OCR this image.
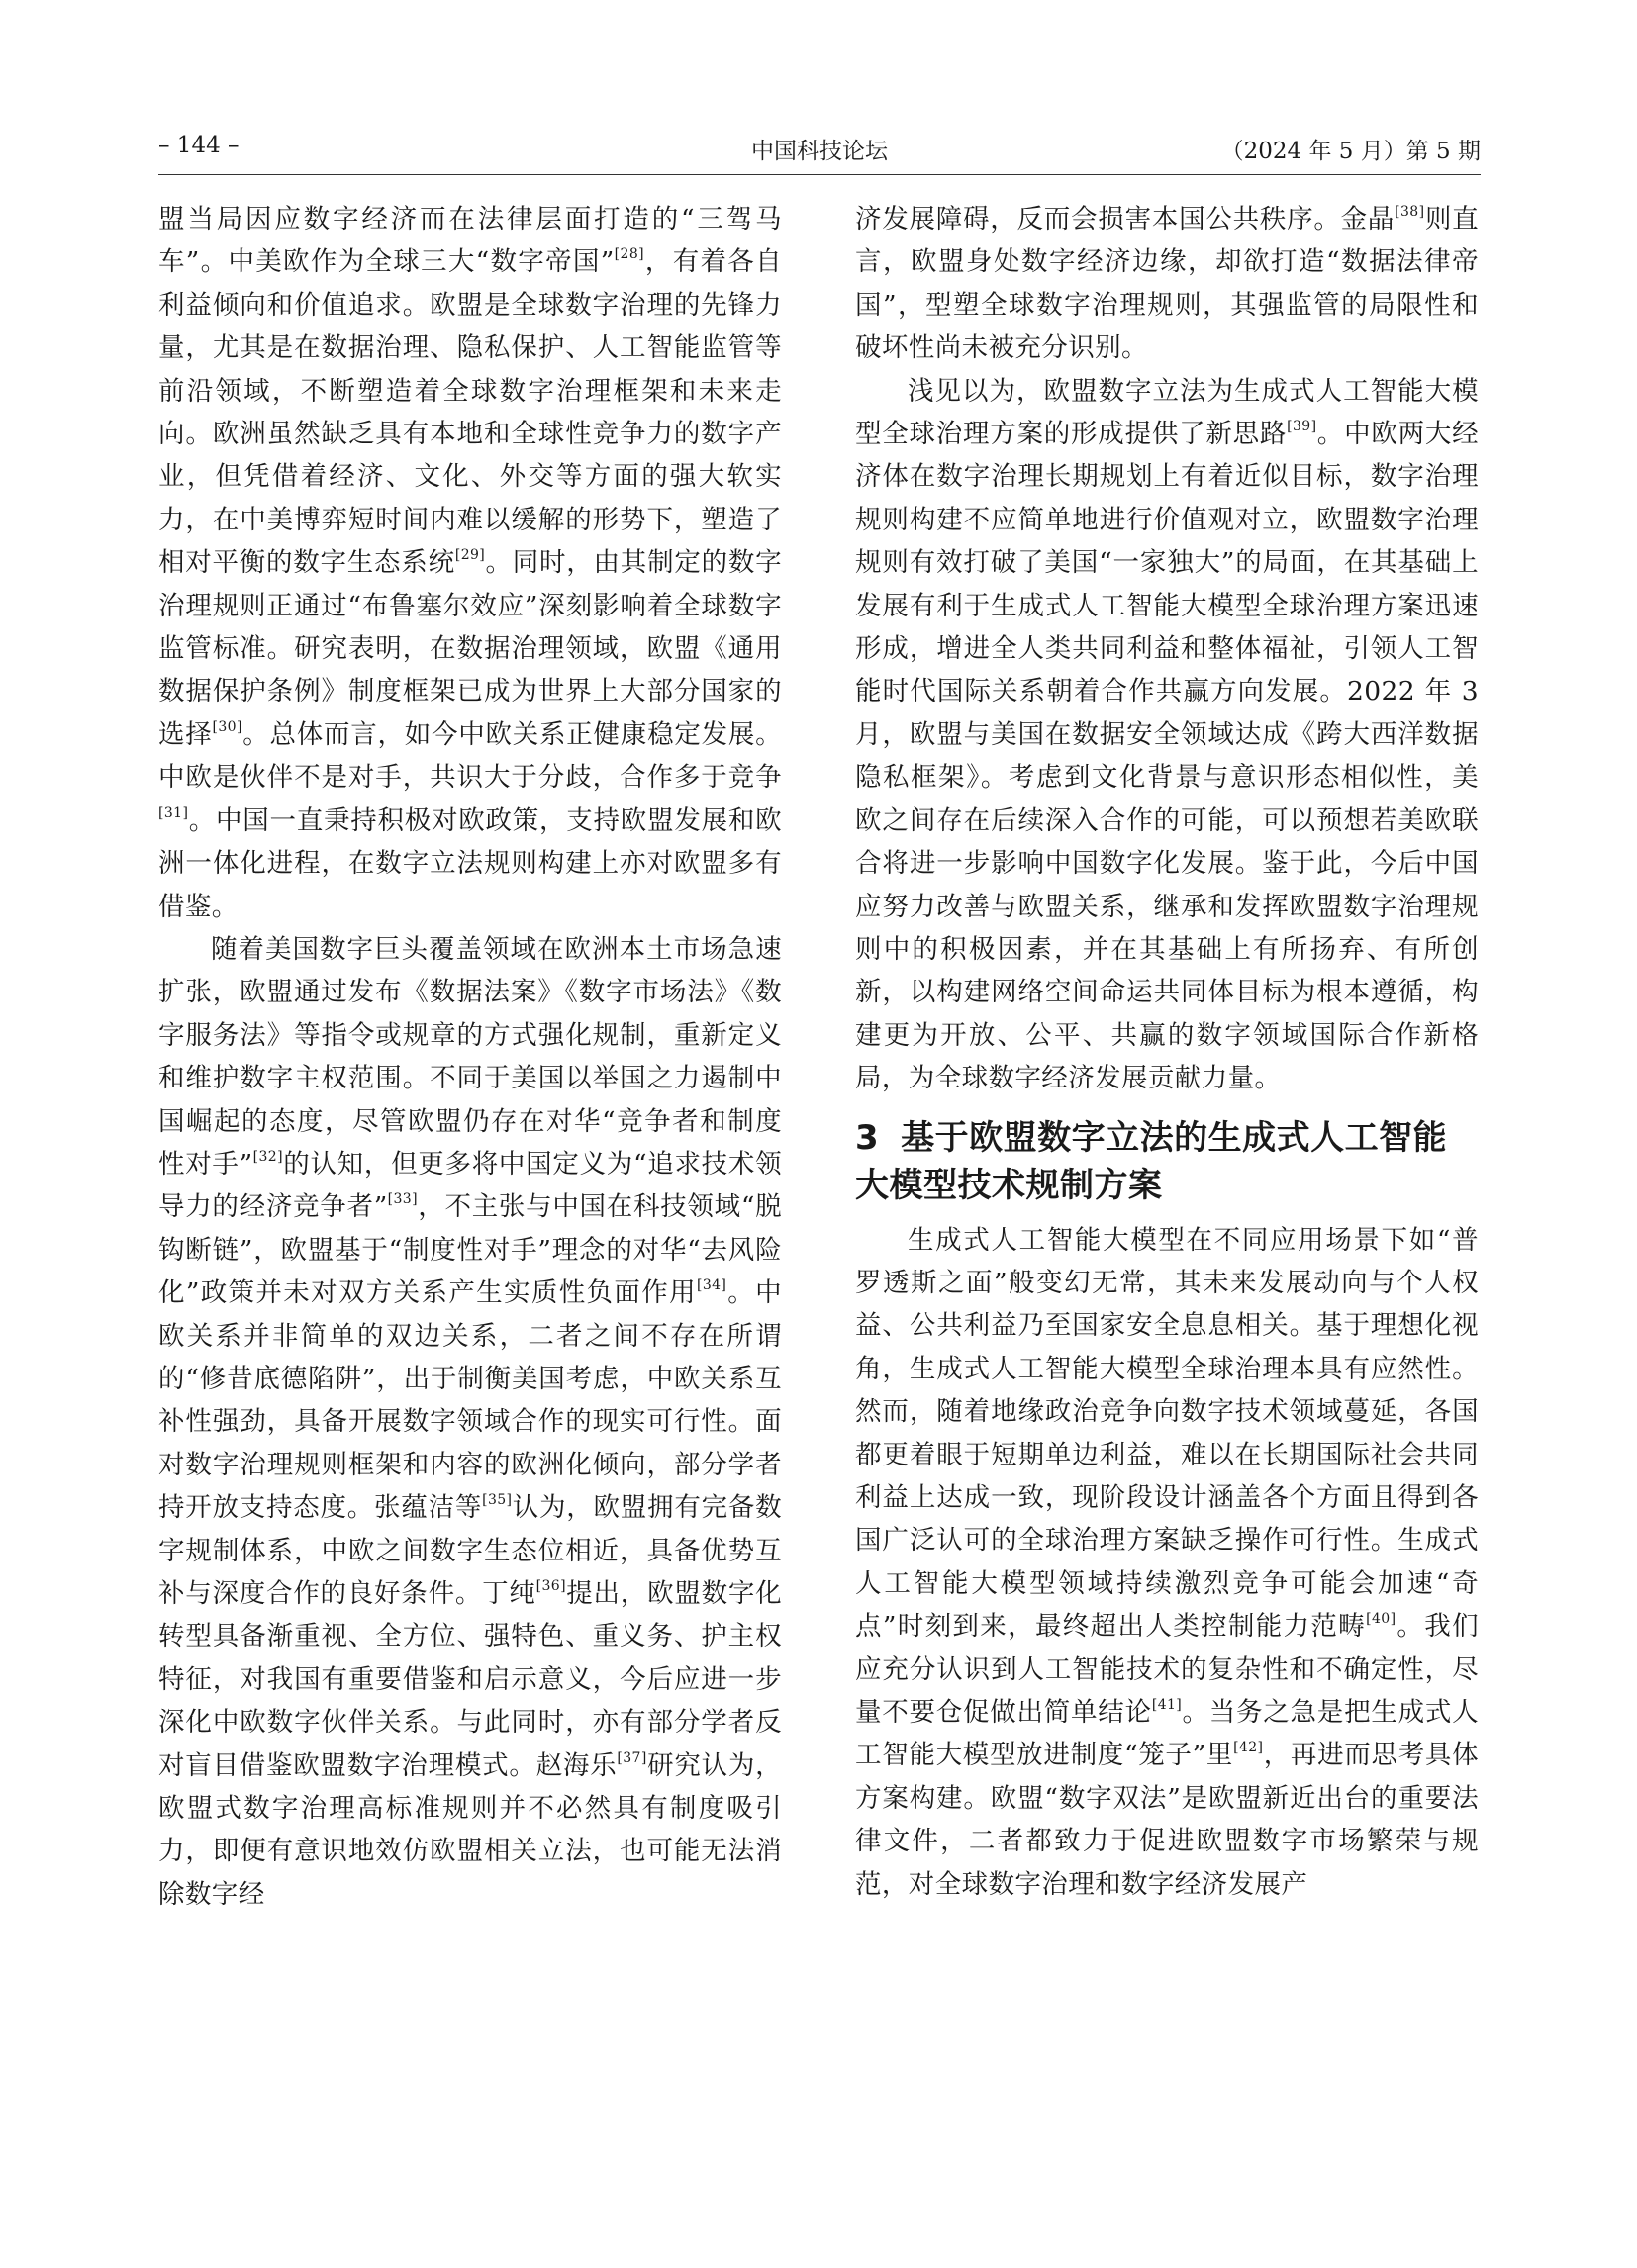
– 144 –	中国科技论坛	（2024 年 5 月）第 5 期

盟当局因应数字经济而在法律层面打造的“三驾马车”。中美欧作为全球三大“数字帝国”[28]，有着各自利益倾向和价值追求。欧盟是全球数字治理的先锋力量，尤其是在数据治理、隐私保护、人工智能监管等前沿领域，不断塑造着全球数字治理框架和未来走向。欧洲虽然缺乏具有本地和全球性竞争力的数字产业，但凭借着经济、文化、外交等方面的强大软实力，在中美博弈短时间内难以缓解的形势下，塑造了相对平衡的数字生态系统[29]。同时，由其制定的数字治理规则正通过“布鲁塞尔效应”深刻影响着全球数字监管标准。研究表明，在数据治理领域，欧盟《通用数据保护条例》制度框架已成为世界上大部分国家的选择[30]。总体而言，如今中欧关系正健康稳定发展。中欧是伙伴不是对手，共识大于分歧，合作多于竞争[31]。中国一直秉持积极对欧政策，支持欧盟发展和欧洲一体化进程，在数字立法规则构建上亦对欧盟多有借鉴。

随着美国数字巨头覆盖领域在欧洲本土市场急速扩张，欧盟通过发布《数据法案》《数字市场法》《数字服务法》等指令或规章的方式强化规制，重新定义和维护数字主权范围。不同于美国以举国之力遏制中国崛起的态度，尽管欧盟仍存在对华“竞争者和制度性对手”[32]的认知，但更多将中国定义为“追求技术领导力的经济竞争者”[33]，不主张与中国在科技领域“脱钩断链”，欧盟基于“制度性对手”理念的对华“去风险化”政策并未对双方关系产生实质性负面作用[34]。中欧关系并非简单的双边关系，二者之间不存在所谓的“修昔底德陷阱”，出于制衡美国考虑，中欧关系互补性强劲，具备开展数字领域合作的现实可行性。面对数字治理规则框架和内容的欧洲化倾向，部分学者持开放支持态度。张蕴洁等[35]认为，欧盟拥有完备数字规制体系，中欧之间数字生态位相近，具备优势互补与深度合作的良好条件。丁纯[36]提出，欧盟数字化转型具备渐重视、全方位、强特色、重义务、护主权特征，对我国有重要借鉴和启示意义，今后应进一步深化中欧数字伙伴关系。与此同时，亦有部分学者反对盲目借鉴欧盟数字治理模式。赵海乐[37]研究认为，欧盟式数字治理高标准规则并不必然具有制度吸引力，即便有意识地效仿欧盟相关立法，也可能无法消除数字经

济发展障碍，反而会损害本国公共秩序。金晶[38]则直言，欧盟身处数字经济边缘，却欲打造“数据法律帝国”，型塑全球数字治理规则，其强监管的局限性和破坏性尚未被充分识别。

浅见以为，欧盟数字立法为生成式人工智能大模型全球治理方案的形成提供了新思路[39]。中欧两大经济体在数字治理长期规划上有着近似目标，数字治理规则构建不应简单地进行价值观对立，欧盟数字治理规则有效打破了美国“一家独大”的局面，在其基础上发展有利于生成式人工智能大模型全球治理方案迅速形成，增进全人类共同利益和整体福祉，引领人工智能时代国际关系朝着合作共赢方向发展。2022 年 3 月，欧盟与美国在数据安全领域达成《跨大西洋数据隐私框架》。考虑到文化背景与意识形态相似性，美欧之间存在后续深入合作的可能，可以预想若美欧联合将进一步影响中国数字化发展。鉴于此，今后中国应努力改善与欧盟关系，继承和发挥欧盟数字治理规则中的积极因素，并在其基础上有所扬弃、有所创新，以构建网络空间命运共同体目标为根本遵循，构建更为开放、公平、共赢的数字领域国际合作新格局，为全球数字经济发展贡献力量。

3 基于欧盟数字立法的生成式人工智能大模型技术规制方案

生成式人工智能大模型在不同应用场景下如“普罗透斯之面”般变幻无常，其未来发展动向与个人权益、公共利益乃至国家安全息息相关。基于理想化视角，生成式人工智能大模型全球治理本具有应然性。然而，随着地缘政治竞争向数字技术领域蔓延，各国都更着眼于短期单边利益，难以在长期国际社会共同利益上达成一致，现阶段设计涵盖各个方面且得到各国广泛认可的全球治理方案缺乏操作可行性。生成式人工智能大模型领域持续激烈竞争可能会加速“奇点”时刻到来，最终超出人类控制能力范畴[40]。我们应充分认识到人工智能技术的复杂性和不确定性，尽量不要仓促做出简单结论[41]。当务之急是把生成式人工智能大模型放进制度“笼子”里[42]，再进而思考具体方案构建。欧盟“数字双法”是欧盟新近出台的重要法律文件，二者都致力于促进欧盟数字市场繁荣与规范，对全球数字治理和数字经济发展产
